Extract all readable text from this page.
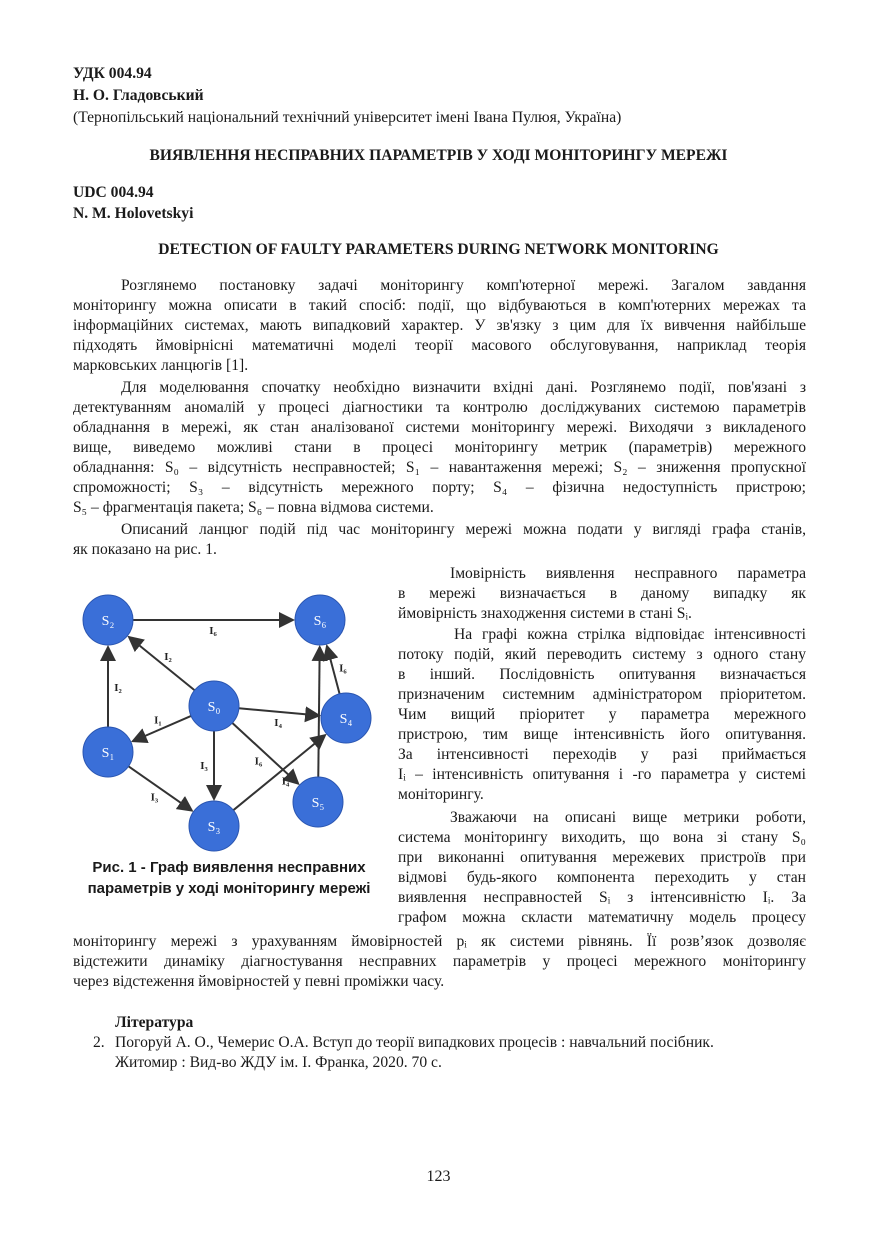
УДК 004.94
Н. О. Гладовський
(Тернопільський національний технічний університет імені Івана Пулюя, Україна)
ВИЯВЛЕННЯ НЕСПРАВНИХ ПАРАМЕТРІВ У ХОДІ МОНІТОРИНГУ МЕРЕЖІ
UDC 004.94
N. M. Holovetskyi
DETECTION OF FAULTY PARAMETERS DURING NETWORK MONITORING
Розглянемо постановку задачі моніторингу комп'ютерної мережі. Загалом завдання
моніторингу можна описати в такий спосіб: події, що відбуваються в комп'ютерних мережах та
інформаційних системах, мають випадковий характер. У зв'язку з цим для їх вивчення найбільше
підходять ймовірнісні математичні моделі теорії масового обслуговування, наприклад теорія
марковських ланцюгів [1].
Для моделювання спочатку необхідно визначити вхідні дані. Розглянемо події, пов'язані з
детектуванням аномалій у процесі діагностики та контролю досліджуваних системою параметрів
обладнання в мережі, як стан аналізованої системи моніторингу мережі. Виходячи з викладеного
вище, виведемо можливі стани в процесі моніторингу метрик (параметрів) мережного
обладнання: S₀ – відсутність несправностей; S₁ – навантаження мережі; S₂ – зниження пропускної
спроможності; S₃ – відсутність мережного порту; S₄ – фізична недоступність пристрою;
S₅ – фрагментація пакета; S₆ – повна відмова системи.
Описаний ланцюг подій під час моніторингу мережі можна подати у вигляді графа станів,
як показано на рис. 1.
I₆
I₂
I₂
I₁	I₄
I₃	I₆
I₃
I₄
I₆
S₂	S₆
S₀
S₄
S₁
S₅
S₃
Рис. 1 - Граф виявлення несправних
параметрів у ході моніторингу мережі
Імовірність виявлення несправного параметра
в мережі визначається в даному випадку як
ймовірність знаходження системи в стані Sᵢ.
На графі кожна стрілка відповідає інтенсивності
потоку подій, який переводить систему з одного стану
в інший. Послідовність опитування визначається
призначеним системним адміністратором пріоритетом.
Чим вищий пріоритет у параметра мережного
пристрою, тим вище інтенсивність його опитування.
За інтенсивності переходів у разі приймається
Iᵢ – інтенсивність опитування i -го параметра у системі
моніторингу.
Зважаючи на описані вище метрики роботи,
система моніторингу виходить, що вона зі стану S₀
при виконанні опитування мережевих пристроїв при
відмові будь-якого компонента переходить у стан
виявлення несправностей Sᵢ з інтенсивністю Iᵢ. За
графом можна скласти математичну модель процесу
моніторингу мережі з урахуванням ймовірностей pᵢ як системи рівнянь. Її розв’язок дозволяє
відстежити динаміку діагностування несправних параметрів у процесі мережного моніторингу
через відстеження ймовірностей у певні проміжки часу.
Література
2. Погоруй А. О., Чемерис О.А. Вступ до теорії випадкових процесів : навчальний посібник.
Житомир : Вид-во ЖДУ ім. І. Франка, 2020. 70 с.
123
